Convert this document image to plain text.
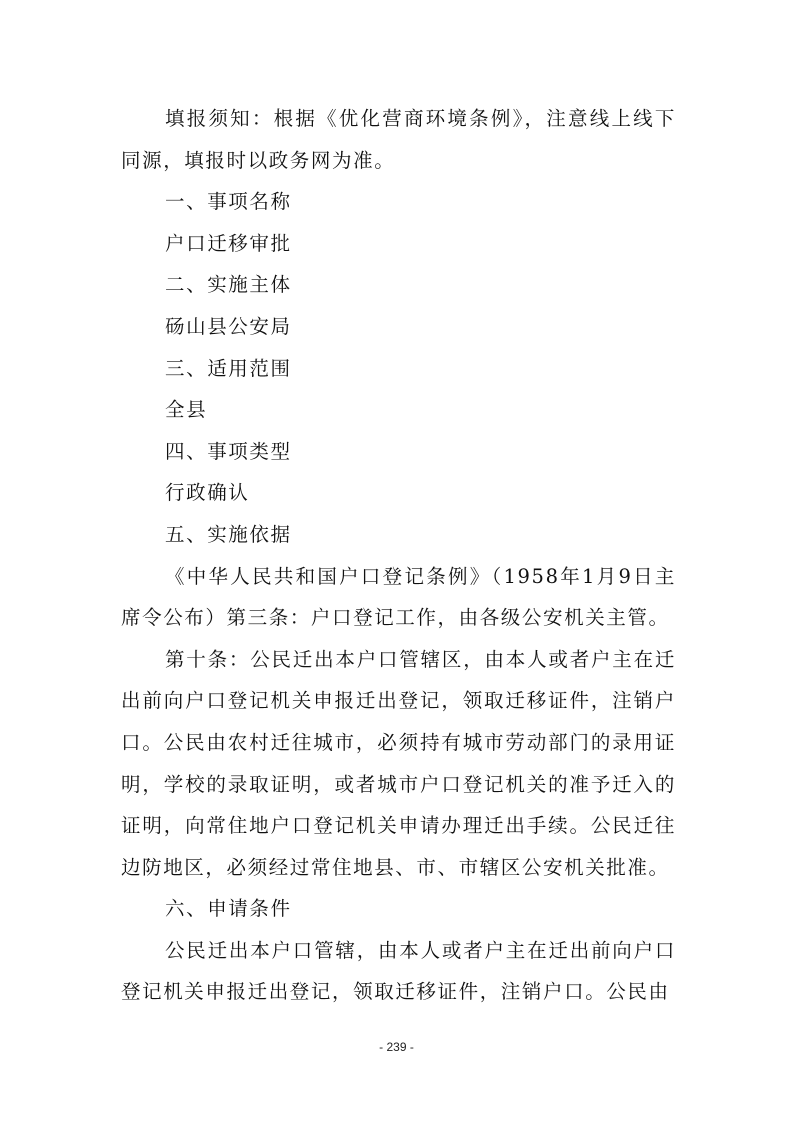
填报须知：根据《优化营商环境条例》，注意线上线下同源，填报时以政务网为准。

一、事项名称

户口迁移审批

二、实施主体

砀山县公安局

三、适用范围

全县

四、事项类型

行政确认

五、实施依据

《中华人民共和国户口登记条例》（1958年1月9日主席令公布）第三条：户口登记工作，由各级公安机关主管。

第十条：公民迁出本户口管辖区，由本人或者户主在迁出前向户口登记机关申报迁出登记，领取迁移证件，注销户口。公民由农村迁往城市，必须持有城市劳动部门的录用证明，学校的录取证明，或者城市户口登记机关的准予迁入的证明，向常住地户口登记机关申请办理迁出手续。公民迁往边防地区，必须经过常住地县、市、市辖区公安机关批准。

六、申请条件

公民迁出本户口管辖，由本人或者户主在迁出前向户口登记机关申报迁出登记，领取迁移证件，注销户口。公民由

- 239 -
